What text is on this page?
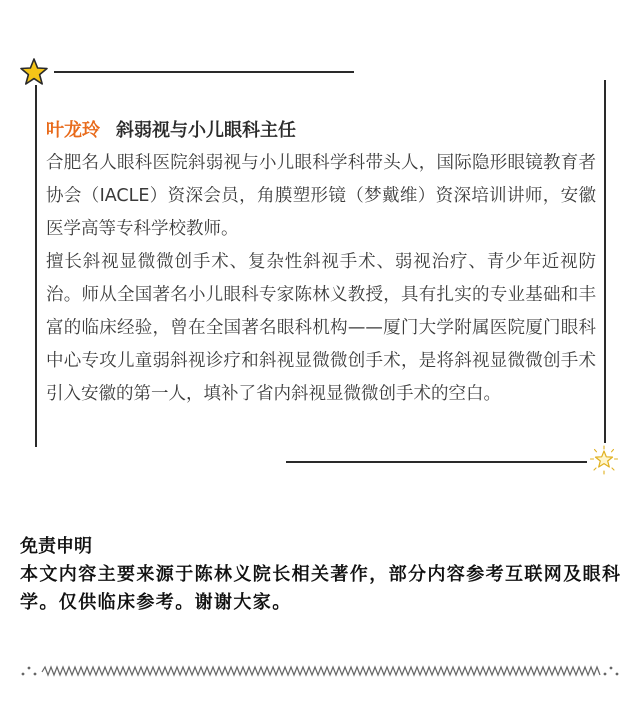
叶龙玲 斜弱视与小儿眼科主任

合肥名人眼科医院斜弱视与小儿眼科学科带头人，国际隐形眼镜教育者协会（IACLE）资深会员，角膜塑形镜（梦戴维）资深培训讲师，安徽医学高等专科学校教师。

擅长斜视显微微创手术、复杂性斜视手术、弱视治疗、青少年近视防治。师从全国著名小儿眼科专家陈林义教授，具有扎实的专业基础和丰富的临床经验，曾在全国著名眼科机构——厦门大学附属医院厦门眼科中心专攻儿童弱斜视诊疗和斜视显微微创手术，是将斜视显微微创手术引入安徽的第一人，填补了省内斜视显微微创手术的空白。

免责申明

本文内容主要来源于陈林义院长相关著作，部分内容参考互联网及眼科学。仅供临床参考。谢谢大家。
